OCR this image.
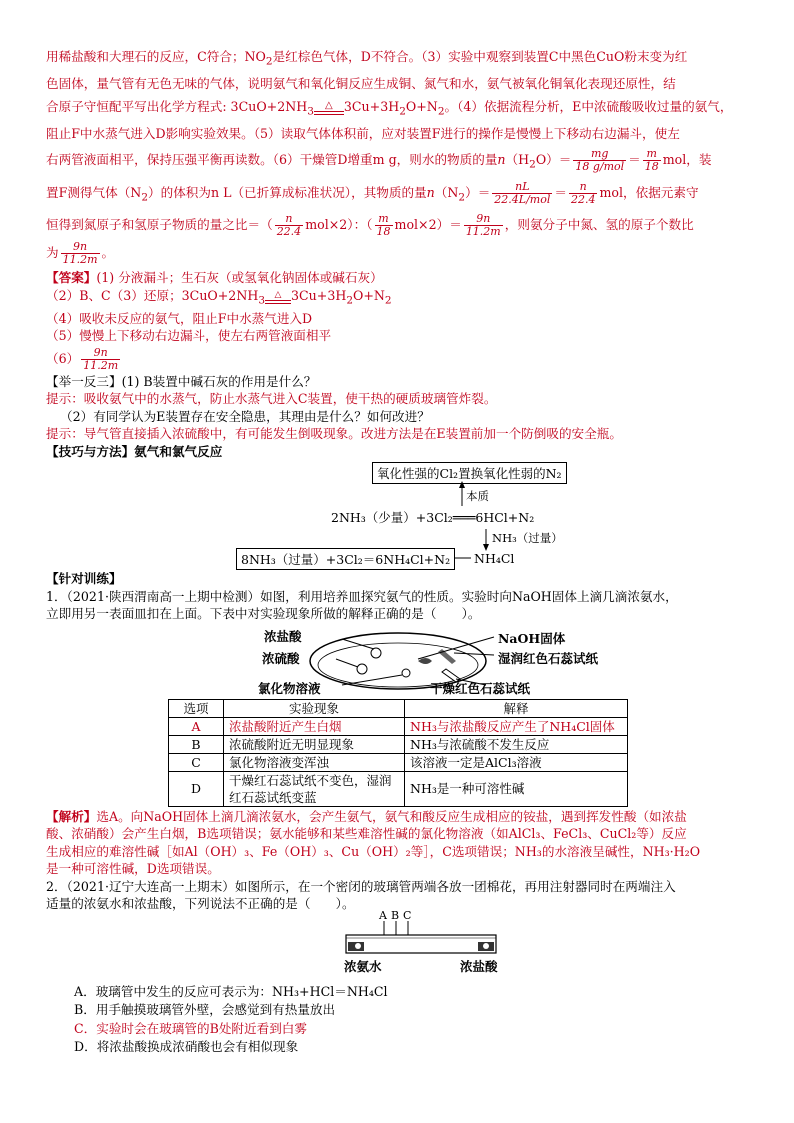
用稀盐酸和大理石的反应，C符合；$NO_2$是红棕色气体，D不符合。（3）实验中观察到装置C中黑色CuO粉末变为红

色固体，量气管有无色无味的气体，说明氨气和氧化铜反应生成铜、氮气和水，氨气被氧化铜氧化表现还原性，结

合原子守恒配平写出化学方程式: $3CuO+2NH_3\triangle$ $3Cu+3H_2O+N_2$。（4）依据流程分析，E中浓硫酸吸收过量的氨气，

阻止F中水蒸气进入D影响实验效果。（5）读取气体体积前，应对装置F进行的操作是慢慢上下移动右边漏斗，使左

右两管液面相平，保持压强平衡再读数。（6）干燥管D增重m g，则水的物质的量$n(H_2O)= \frac{mg}{\text{18 g/mol}} = \frac{m}{18}$ mol，装

置F测得气体$(N_2)$的体积为n L（已折算成标准状况），其物质的量$n(N_2)= \frac{nL}{\text{22.4L/mol}} = \frac{n}{22.4}$ mol，依据元素守

恒得到氮原子和氢原子物质的量之比＝（ $\frac{n}{22.4} mol\times 2$）：（ $\frac{m}{18} mol\times 2)= \frac{9n}{11.2m}$ ，则氨分子中氮、氢的原子个数比

为 $\frac{9n}{11.2m}$ 。

【答案】(1) 分液漏斗；生石灰（或氢氧化钠固体或碱石灰）

（2）B、C（3）还原；$3CuO+2NH_3$ △ $3Cu+3H_2O+N_2$

（4）吸收未反应的氨气，阻止F中水蒸气进入D

（5）慢慢上下移动右边漏斗，使左右两管液面相平

$(6) \frac{9n}{11.2m}$

【举一反三】(1) B装置中碱石灰的作用是什么？

提示：吸收氨气中的水蒸气，防止水蒸气进入C装置，使干热的硬质玻璃管炸裂。

（2）有同学认为E装置存在安全隐患，其理由是什么？如何改进？

提示：导气管直接插入浓硫酸中，有可能发生倒吸现象。改进方法是在E装置前加一个防倒吸的安全瓶。

【技巧与方法】氨气和氯气反应

氧化性强的Cl₂置换氧化性弱的N₂
本质
2NH₃（少量）+3Cl₂═══6HCl+N₂
NH₃（过量）
NH₄Cl
8NH₃（过量）+3Cl₂＝6NH₄Cl+N₂

【针对训练】

1．（2021·陕西渭南高一上期中检测）如图，利用培养皿探究氨气的性质。实验时向NaOH固体上滴几滴浓氨水，

立即用另一表面皿扣在上面。下表中对实验现象所做的解释正确的是（　　）。

浓盐酸
浓硫酸
NaOH固体
湿润红色石蕊试纸
氯化物溶液	干燥红色石蕊试纸
选项	实验现象	解释
A	浓盐酸附近产生白烟	NH₃与浓盐酸反应产生了NH₄Cl固体
B	浓硫酸附近无明显现象	NH₃与浓硫酸不发生反应
C	氯化物溶液变浑浊	该溶液一定是AlCl₃溶液
D	干燥红石蕊试纸不变色，湿润红石蕊试纸变蓝	NH₃是一种可溶性碱

【解析】选A。向NaOH固体上滴几滴浓氨水，会产生氨气，氨气和酸反应生成相应的铵盐，遇到挥发性酸（如浓盐

酸、浓硝酸）会产生白烟，B选项错误；氨水能够和某些难溶性碱的氯化物溶液（如AlCl₃、FeCl₃、CuCl₂等）反应

生成相应的难溶性碱［如Al（OH）₃、Fe（OH）₃、Cu（OH）₂等］，C选项错误；NH₃的水溶液呈碱性，NH₃·H₂O

是一种可溶性碱，D选项错误。

2．（2021·辽宁大连高一上期末）如图所示，在一个密闭的玻璃管两端各放一团棉花，再用注射器同时在两端注入

适量的浓氨水和浓盐酸，下列说法不正确的是（　　）。

A B C
浓氨水	浓盐酸

A．玻璃管中发生的反应可表示为：NH₃+HCl＝NH₄Cl

B．用手触摸玻璃管外壁，会感觉到有热量放出

C．实验时会在玻璃管的B处附近看到白雾

D．将浓盐酸换成浓硝酸也会有相似现象
